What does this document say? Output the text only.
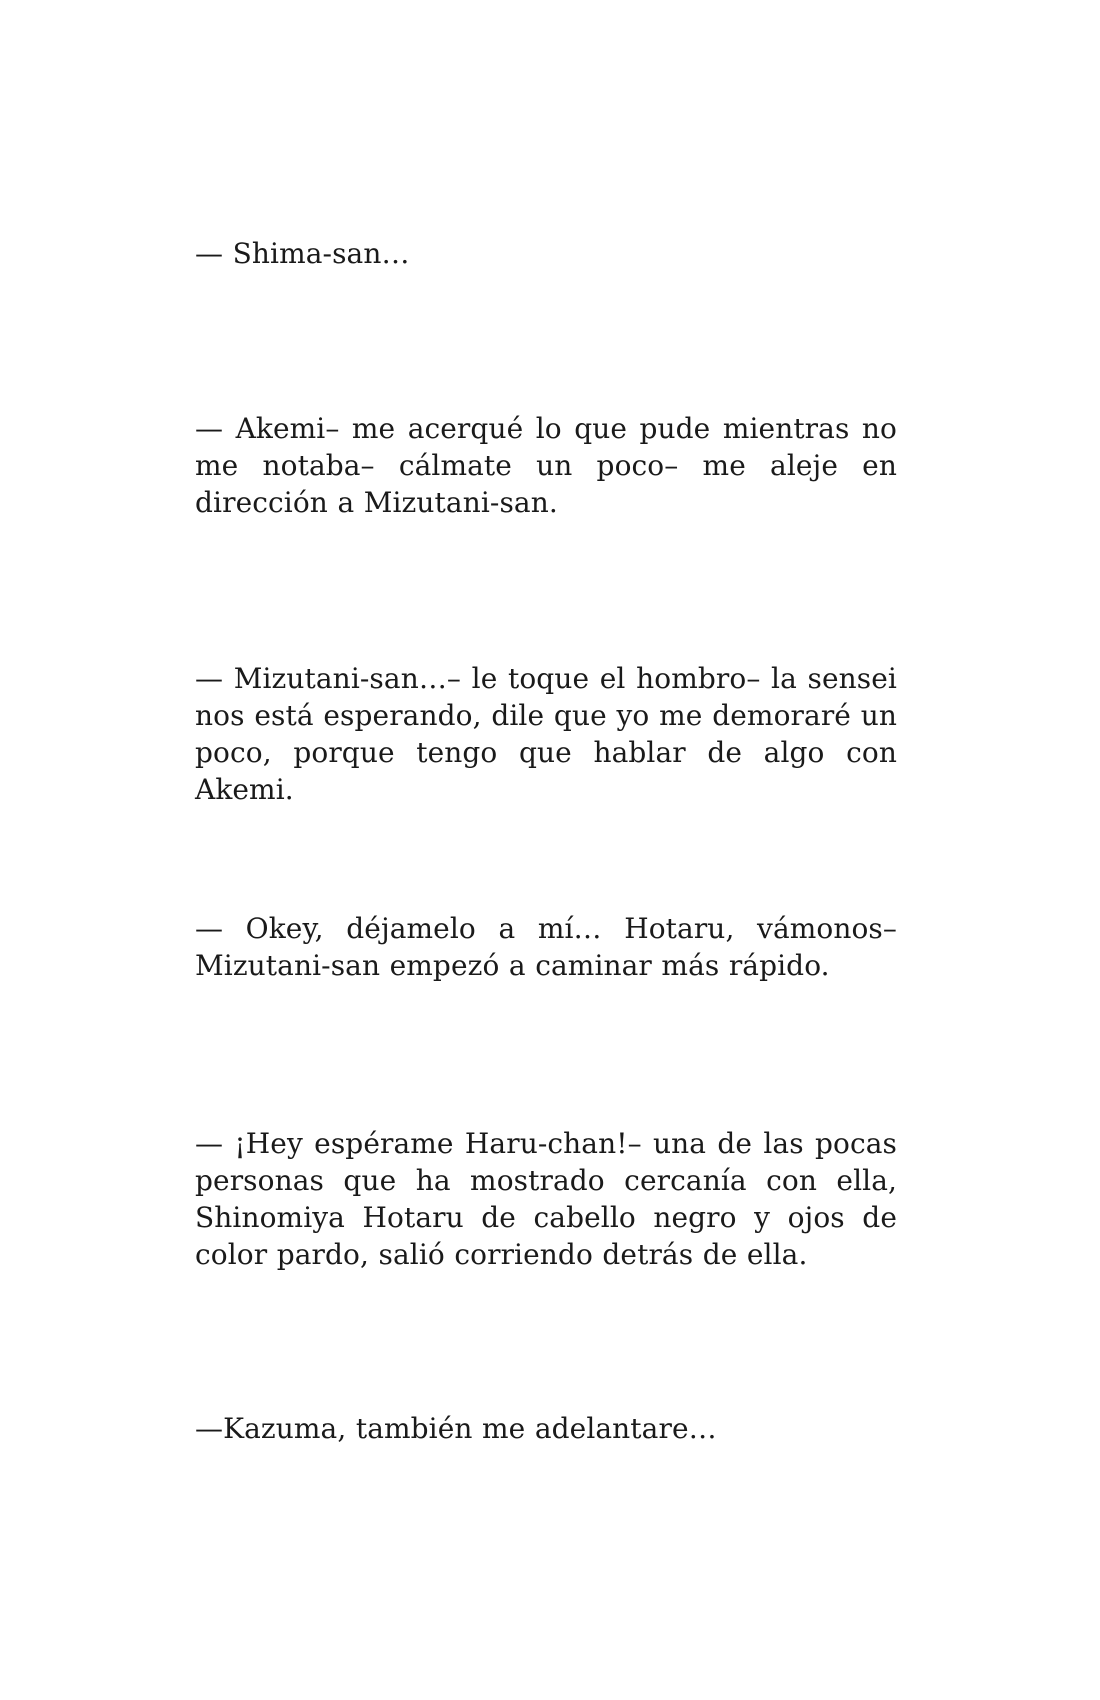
— Shima-san…

— Akemi– me acerqué lo que pude mientras no me notaba– cálmate un poco– me aleje en dirección a Mizutani-san.

— Mizutani-san…– le toque el hombro– la sensei nos está esperando, dile que yo me demoraré un poco, porque tengo que hablar de algo con Akemi.

— Okey, déjamelo a mí… Hotaru, vámonos– Mizutani-san empezó a caminar más rápido.

— ¡Hey espérame Haru-chan!– una de las pocas personas que ha mostrado cercanía con ella, Shinomiya Hotaru de cabello negro y ojos de color pardo, salió corriendo detrás de ella.

—Kazuma, también me adelantare…
